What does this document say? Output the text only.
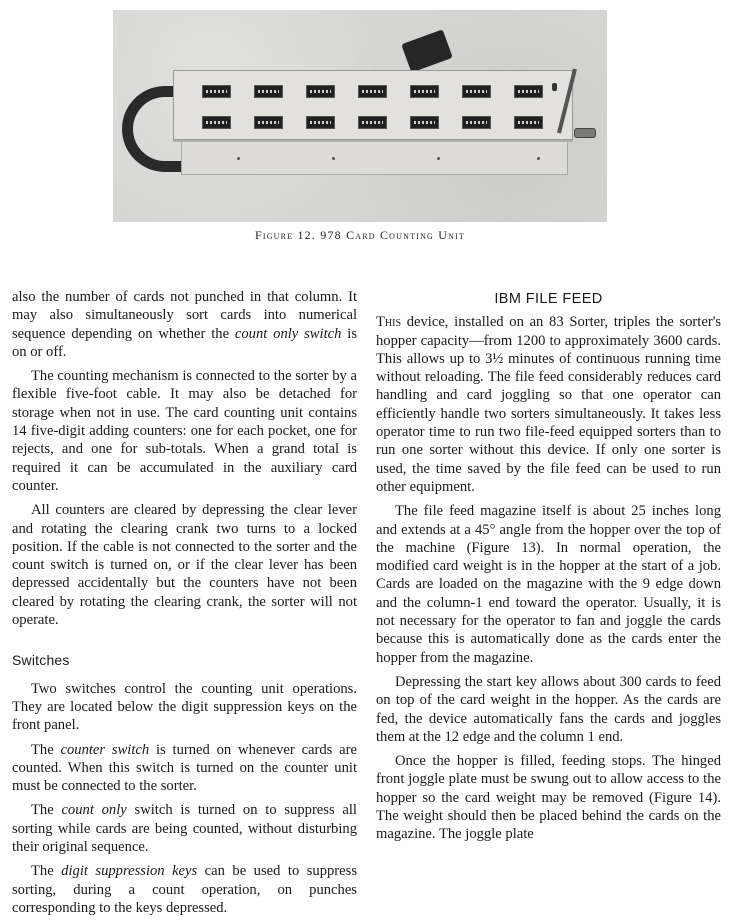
Figure 12. 978 Card Counting Unit

also the number of cards not punched in that column. It may also simultaneously sort cards into numerical sequence depending on whether the count only switch is on or off.

The counting mechanism is connected to the sorter by a flexible five-foot cable. It may also be detached for storage when not in use. The card counting unit contains 14 five-digit adding counters: one for each pocket, one for rejects, and one for sub-totals. When a grand total is required it can be accumulated in the auxiliary card counter.

All counters are cleared by depressing the clear lever and rotating the clearing crank two turns to a locked position. If the cable is not connected to the sorter and the count switch is turned on, or if the clear lever has been depressed accidentally but the counters have not been cleared by rotating the clearing crank, the sorter will not operate.

Switches

Two switches control the counting unit operations. They are located below the digit suppression keys on the front panel.

The counter switch is turned on whenever cards are counted. When this switch is turned on the counter unit must be connected to the sorter.

The count only switch is turned on to suppress all sorting while cards are being counted, without disturbing their original sequence.

The digit suppression keys can be used to suppress sorting, during a count operation, on punches corresponding to the keys depressed.

IBM FILE FEED

This device, installed on an 83 Sorter, triples the sorter's hopper capacity—from 1200 to approximately 3600 cards. This allows up to 3½ minutes of continuous running time without reloading. The file feed considerably reduces card handling and card joggling so that one operator can efficiently handle two sorters simultaneously. It takes less operator time to run two file-feed equipped sorters than to run one sorter without this device. If only one sorter is used, the time saved by the file feed can be used to run other equipment.

The file feed magazine itself is about 25 inches long and extends at a 45° angle from the hopper over the top of the machine (Figure 13). In normal operation, the modified card weight is in the hopper at the start of a job. Cards are loaded on the magazine with the 9 edge down and the column-1 end toward the operator. Usually, it is not necessary for the operator to fan and joggle the cards because this is automatically done as the cards enter the hopper from the magazine.

Depressing the start key allows about 300 cards to feed on top of the card weight in the hopper. As the cards are fed, the device automatically fans the cards and joggles them at the 12 edge and the column 1 end.

Once the hopper is filled, feeding stops. The hinged front joggle plate must be swung out to allow access to the hopper so the card weight may be removed (Figure 14). The weight should then be placed behind the cards on the magazine. The joggle plate
